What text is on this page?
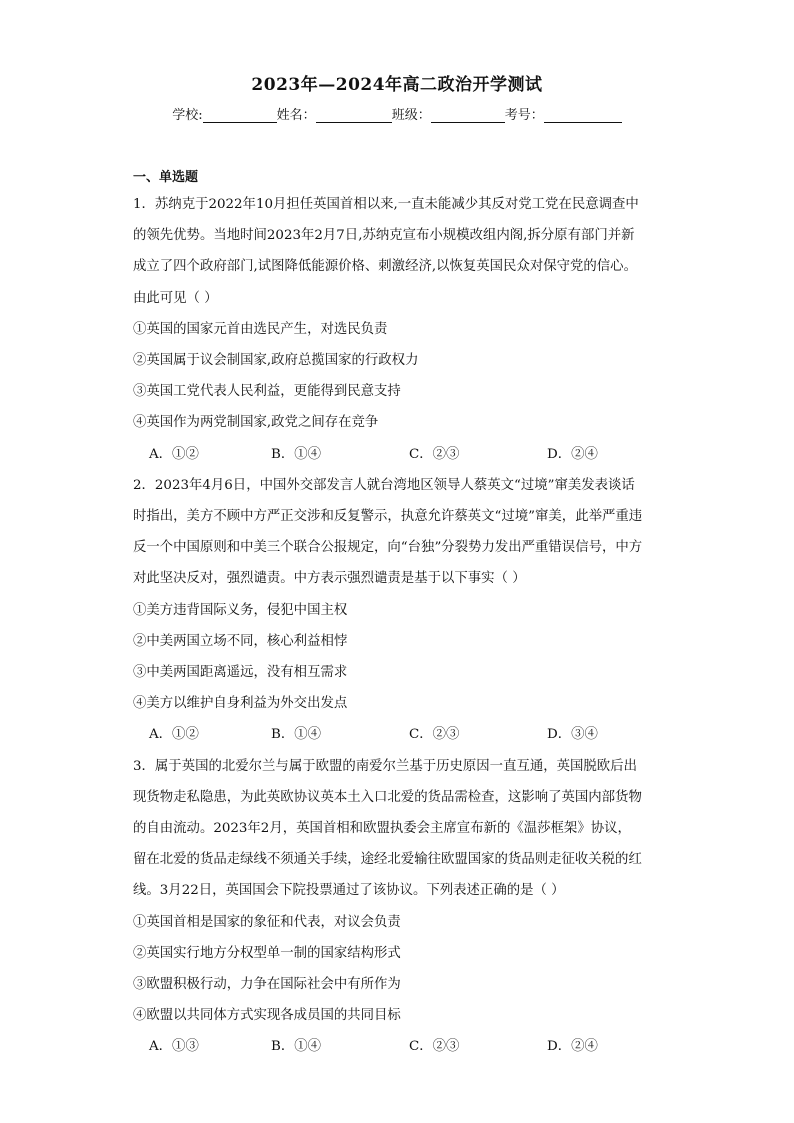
2023年—2024年高二政治开学测试
学校:	姓名：	班级：	考号：
一、单选题
1．苏纳克于2022年10月担任英国首相以来,一直未能减少其反对党工党在民意调查中
的领先优势。当地时间2023年2月7日,苏纳克宣布小规模改组内阁,拆分原有部门并新
成立了四个政府部门,试图降低能源价格、刺激经济,以恢复英国民众对保守党的信心。
由此可见（ ）
①英国的国家元首由选民产生，对选民负责
②英国属于议会制国家,政府总揽国家的行政权力
③英国工党代表人民利益，更能得到民意支持
④英国作为两党制国家,政党之间存在竞争
A．①②	B．①④	C．②③	D．②④
2．2023年4月6日，中国外交部发言人就台湾地区领导人蔡英文“过境”窜美发表谈话
时指出，美方不顾中方严正交涉和反复警示，执意允许蔡英文“过境”窜美，此举严重违
反一个中国原则和中美三个联合公报规定，向“台独”分裂势力发出严重错误信号，中方
对此坚决反对，强烈谴责。中方表示强烈谴责是基于以下事实（ ）
①美方违背国际义务，侵犯中国主权
②中美两国立场不同，核心利益相悖
③中美两国距离遥远，没有相互需求
④美方以维护自身利益为外交出发点
A．①②	B．①④	C．②③	D．③④
3．属于英国的北爱尔兰与属于欧盟的南爱尔兰基于历史原因一直互通，英国脱欧后出
现货物走私隐患，为此英欧协议英本土入口北爱的货品需检查，这影响了英国内部货物
的自由流动。2023年2月，英国首相和欧盟执委会主席宣布新的《温莎框架》协议，
留在北爱的货品走绿线不须通关手续，途经北爱输往欧盟国家的货品则走征收关税的红
线。3月22日，英国国会下院投票通过了该协议。下列表述正确的是（ ）
①英国首相是国家的象征和代表，对议会负责
②英国实行地方分权型单一制的国家结构形式
③欧盟积极行动，力争在国际社会中有所作为
④欧盟以共同体方式实现各成员国的共同目标
A．①③	B．①④	C．②③	D．②④
